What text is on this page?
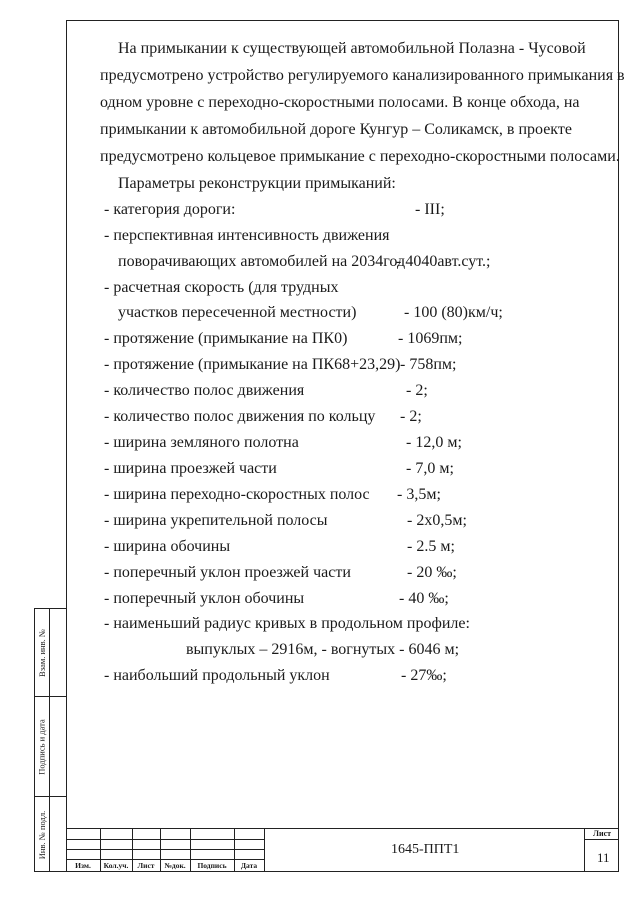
На примыкании к существующей автомобильной Полазна - Чусовой
предусмотрено устройство регулируемого канализированного примыкания в
одном уровне с переходно-скоростными полосами. В конце обхода, на
примыкании к автомобильной дороге Кунгур – Соликамск, в проекте
предусмотрено кольцевое примыкание с переходно-скоростными полосами.
Параметры реконструкции примыканий:
- категория дороги:	- III;
- перспективная интенсивность движения
поворачивающих автомобилей на 2034год
- 4040авт.сут.;
- расчетная скорость (для трудных
участков пересеченной местности)	- 100 (80)км/ч;
- протяжение (примыкание на ПК0)	- 1069пм;
- протяжение (примыкание на ПК68+23,29) - 758пм;
- количество полос движения	- 2;
- количество полос движения по кольцу - 2;
- ширина земляного полотна	- 12,0 м;
- ширина проезжей части	- 7,0 м;
- ширина переходно-скоростных полос - 3,5м;
- ширина укрепительной полосы	- 2х0,5м;
- ширина обочины	- 2.5 м;
- поперечный уклон проезжей части	- 20 ‰;
- поперечный уклон обочины	- 40 ‰;
- наименьший радиус кривых в продольном профиле:
выпуклых – 2916м, - вогнутых - 6046 м;
- наибольший продольный уклон	- 27‰;
Взам. инв. №
Подпись и дата
Инв. № подл.
Изм.	Кол.уч.	Лист	№док.	Подпись	Дата
1645-ППТ1
Лист
11
